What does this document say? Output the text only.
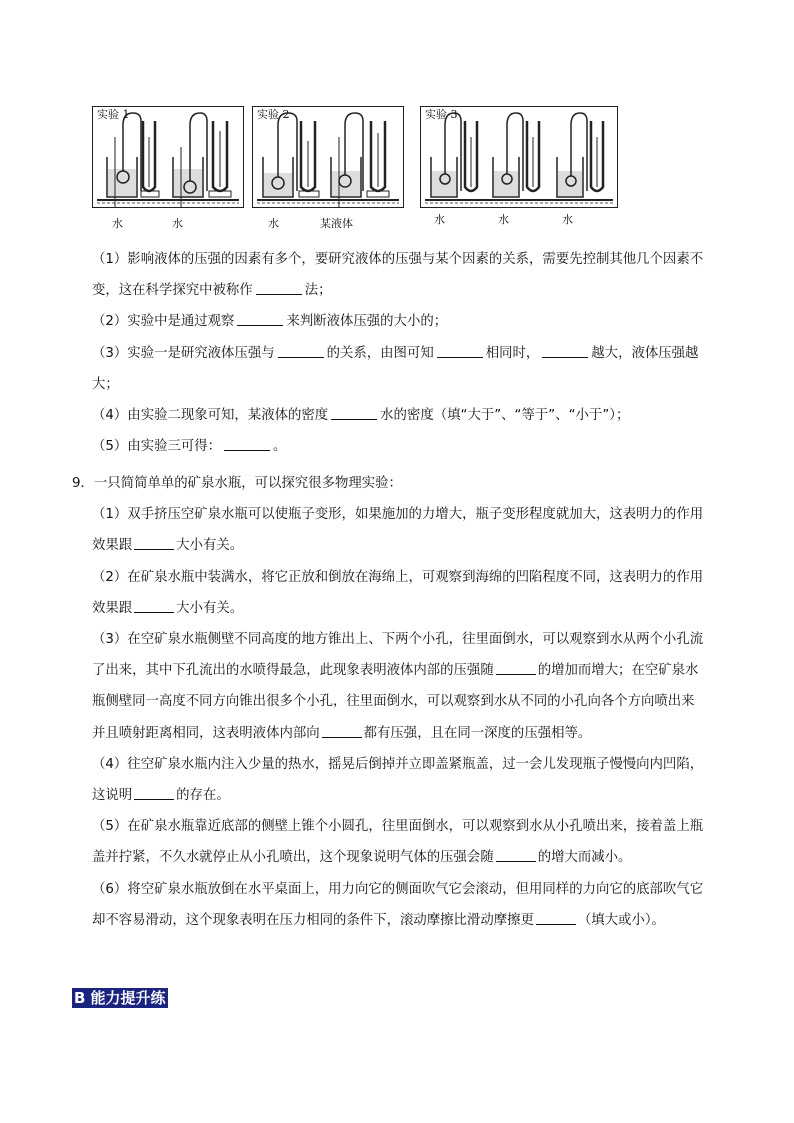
实验 1
水	水
实验 2
水	某液体
实验 3
水	水	水

（1）影响液体的压强的因素有多个，要研究液体的压强与某个因素的关系，需要先控制其他几个因素不

变，这在科学探究中被称作	法；

（2）实验中是通过观察	来判断液体压强的大小的；

（3）实验一是研究液体压强与	的关系，由图可知	相同时，	越大，液体压强越

大；

（4）由实验二现象可知，某液体的密度	水的密度（填“大于”、“等于”、“小于”）；

（5）由实验三可得：	。

9．一只简简单单的矿泉水瓶，可以探究很多物理实验：

（1）双手挤压空矿泉水瓶可以使瓶子变形，如果施加的力增大，瓶子变形程度就加大，这表明力的作用

效果跟	大小有关。

（2）在矿泉水瓶中装满水，将它正放和倒放在海绵上，可观察到海绵的凹陷程度不同，这表明力的作用

效果跟	大小有关。

（3）在空矿泉水瓶侧壁不同高度的地方锥出上、下两个小孔，往里面倒水，可以观察到水从两个小孔流

了出来，其中下孔流出的水喷得最急，此现象表明液体内部的压强随	的增加而增大；在空矿泉水

瓶侧壁同一高度不同方向锥出很多个小孔，往里面倒水，可以观察到水从不同的小孔向各个方向喷出来

并且喷射距离相同，这表明液体内部向	都有压强，且在同一深度的压强相等。

（4）往空矿泉水瓶内注入少量的热水，摇晃后倒掉并立即盖紧瓶盖，过一会儿发现瓶子慢慢向内凹陷，

这说明	的存在。

（5）在矿泉水瓶靠近底部的侧壁上锥个小圆孔，往里面倒水，可以观察到水从小孔喷出来，接着盖上瓶

盖并拧紧，不久水就停止从小孔喷出，这个现象说明气体的压强会随	的增大而减小。

（6）将空矿泉水瓶放倒在水平桌面上，用力向它的侧面吹气它会滚动，但用同样的力向它的底部吹气它

却不容易滑动，这个现象表明在压力相同的条件下，滚动摩擦比滑动摩擦更	（填大或小）。

B 能力提升练
